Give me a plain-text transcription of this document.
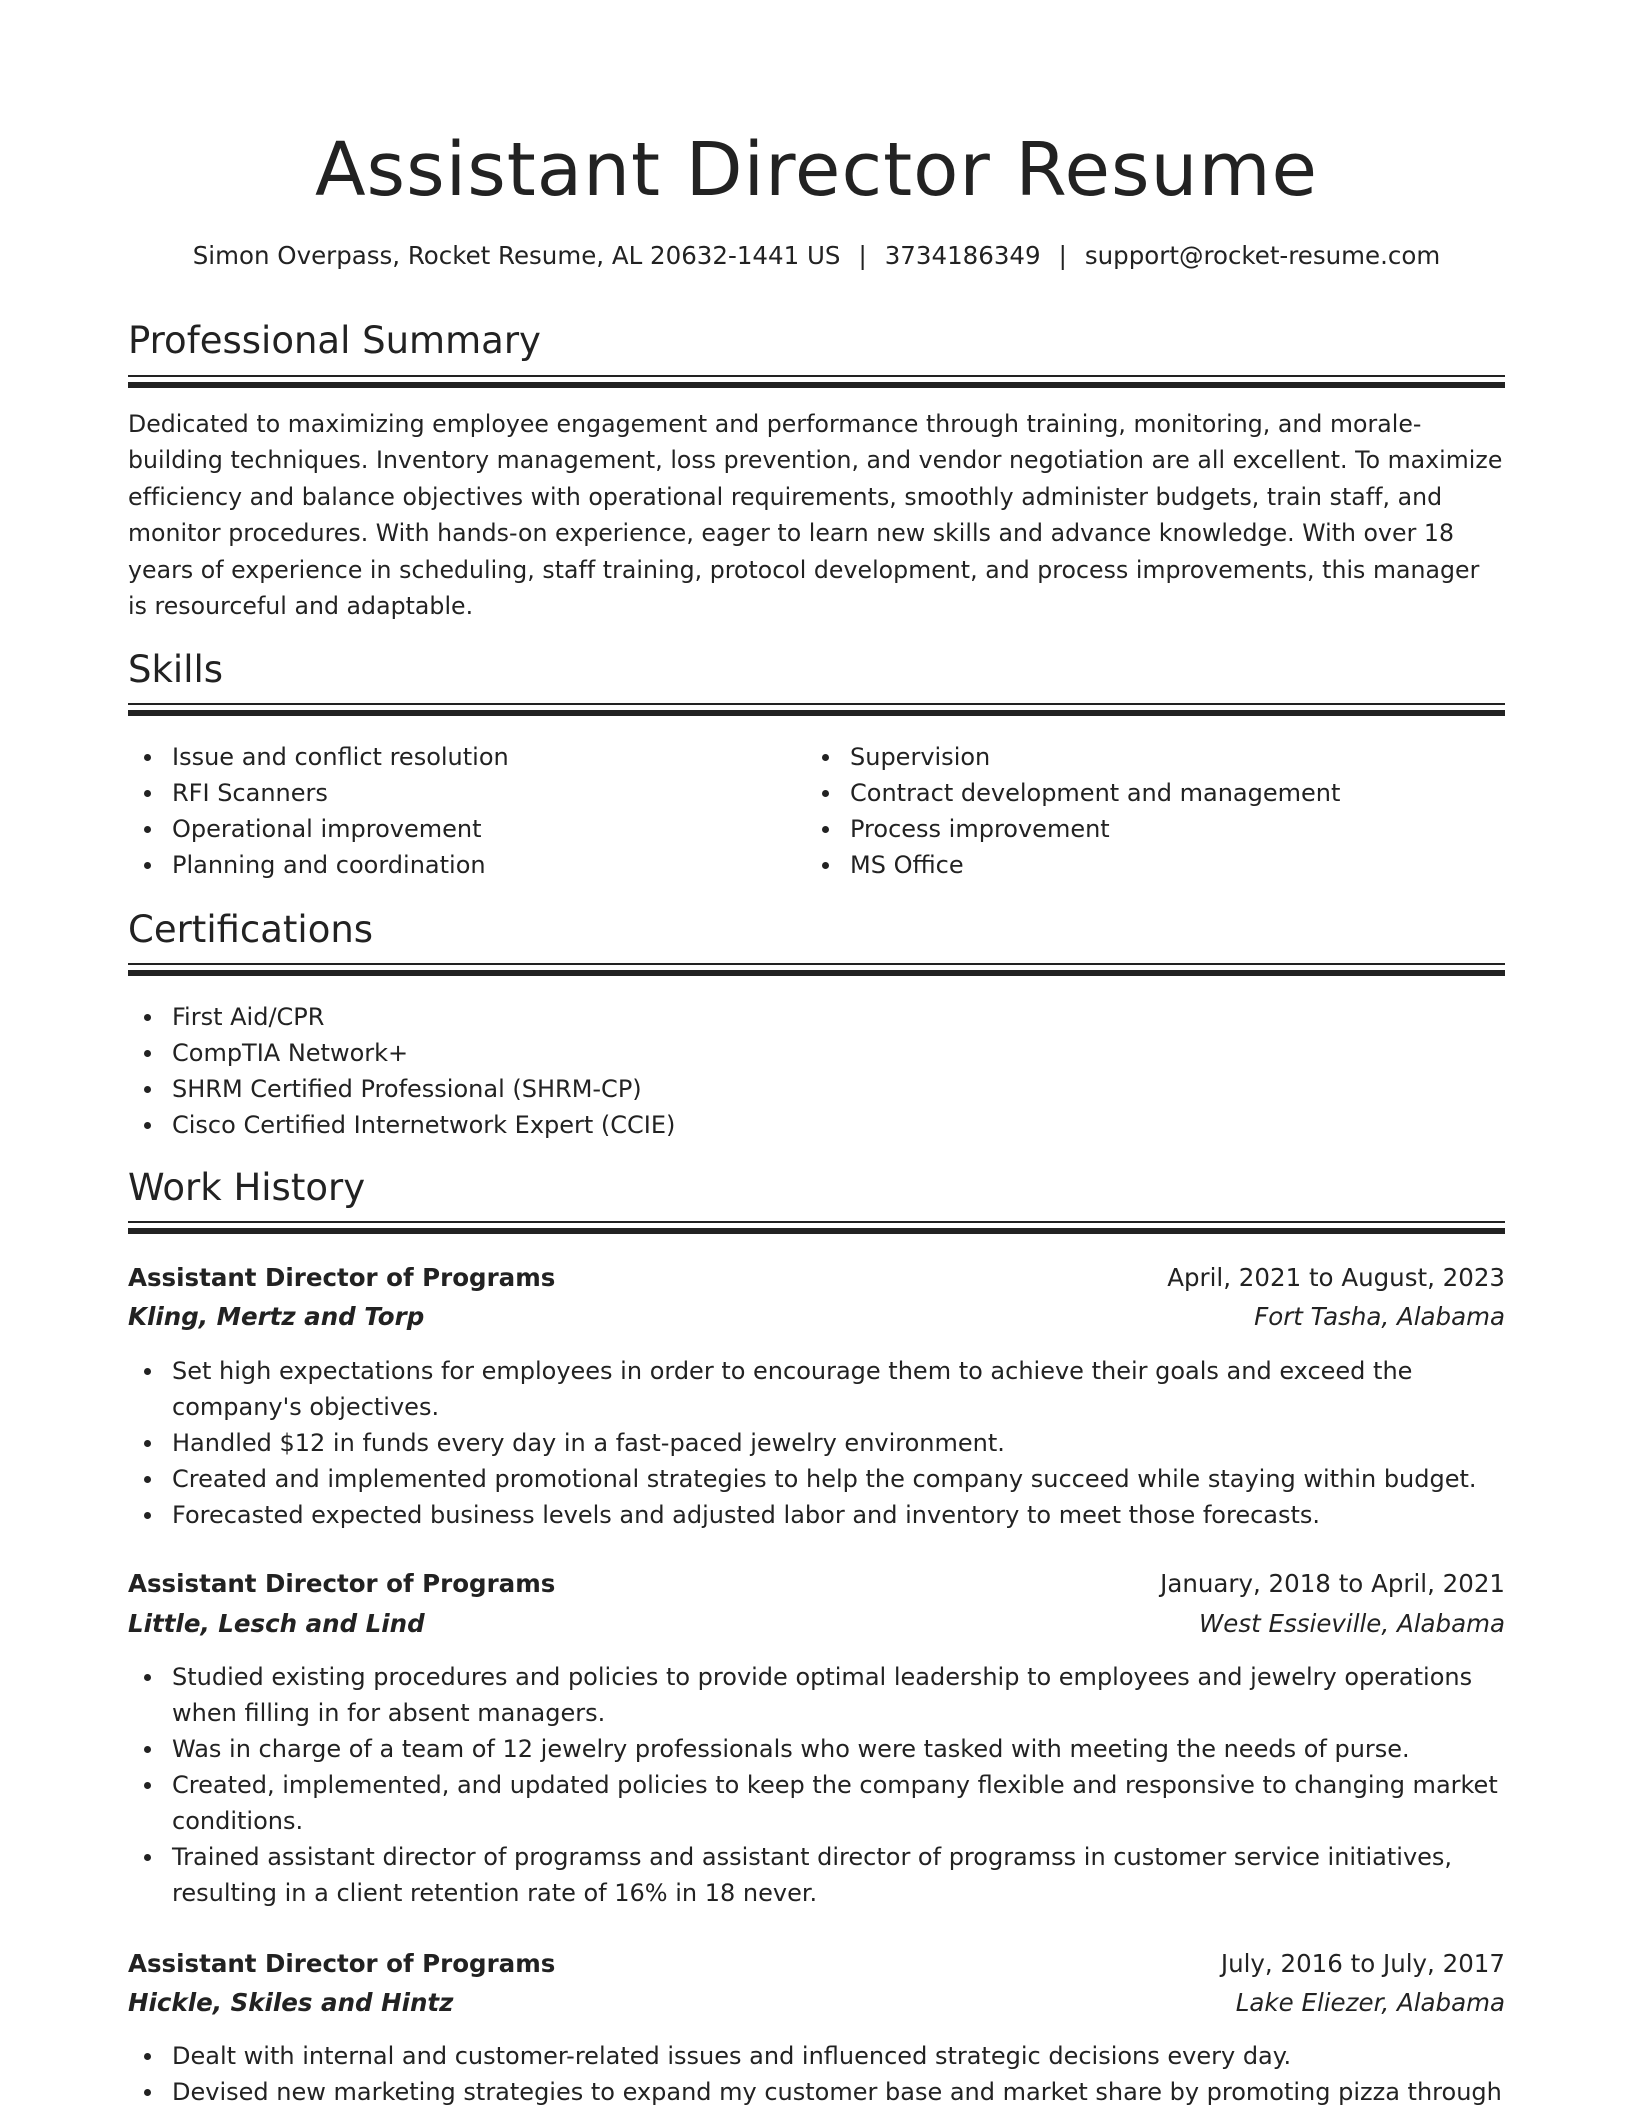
Assistant Director Resume
Simon Overpass, Rocket Resume, AL 20632-1441 US | 3734186349 | support@rocket-resume.com
Professional Summary

Dedicated to maximizing employee engagement and performance through training, monitoring, and morale-building techniques. Inventory management, loss prevention, and vendor negotiation are all excellent. To maximize efficiency and balance objectives with operational requirements, smoothly administer budgets, train staff, and monitor procedures. With hands-on experience, eager to learn new skills and advance knowledge. With over 18 years of experience in scheduling, staff training, protocol development, and process improvements, this manager is resourceful and adaptable.

Skills
Issue and conflict resolution
RFI Scanners
Operational improvement
Planning and coordination
Supervision
Contract development and management
Process improvement
MS Office
Certifications
First Aid/CPR
CompTIA Network+
SHRM Certified Professional (SHRM-CP)
Cisco Certified Internetwork Expert (CCIE)
Work History
Assistant Director of Programs	April, 2021 to August, 2023
Kling, Mertz and Torp	Fort Tasha, Alabama
Set high expectations for employees in order to encourage them to achieve their goals and exceed the company's objectives.
Handled $12 in funds every day in a fast-paced jewelry environment.
Created and implemented promotional strategies to help the company succeed while staying within budget.
Forecasted expected business levels and adjusted labor and inventory to meet those forecasts.
Assistant Director of Programs	January, 2018 to April, 2021
Little, Lesch and Lind	West Essieville, Alabama
Studied existing procedures and policies to provide optimal leadership to employees and jewelry operations when filling in for absent managers.
Was in charge of a team of 12 jewelry professionals who were tasked with meeting the needs of purse.
Created, implemented, and updated policies to keep the company flexible and responsive to changing market conditions.
Trained assistant director of programss and assistant director of programss in customer service initiatives, resulting in a client retention rate of 16% in 18 never.
Assistant Director of Programs	July, 2016 to July, 2017
Hickle, Skiles and Hintz	Lake Eliezer, Alabama
Dealt with internal and customer-related issues and influenced strategic decisions every day.
Devised new marketing strategies to expand my customer base and market share by promoting pizza through
